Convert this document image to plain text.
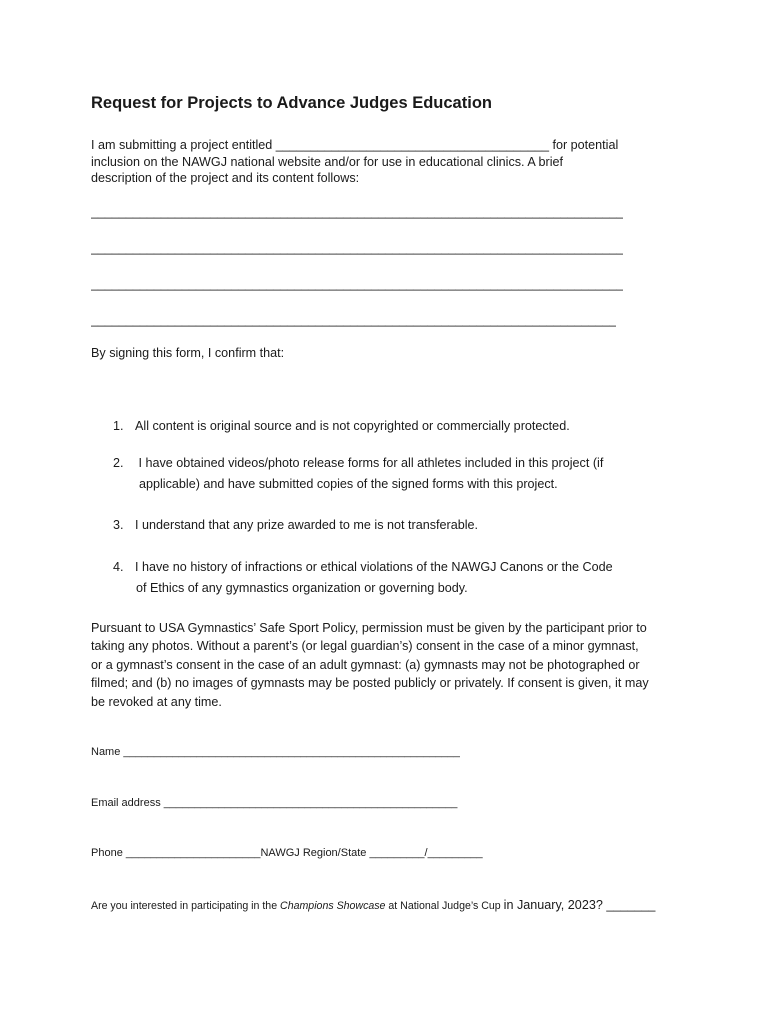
Request for Projects to Advance Judges Education

I am submitting a project entitled _______________________________________ for potential
inclusion on the NAWGJ national website and/or for use in educational clinics. A brief
description of the project and its content follows:

____________________________________________________________________________
____________________________________________________________________________
____________________________________________________________________________
___________________________________________________________________________

By signing this form, I confirm that:

1. All content is original source and is not copyrighted or commercially protected.
2. I have obtained videos/photo release forms for all athletes included in this project (if
applicable) and have submitted copies of the signed forms with this project.
3. I understand that any prize awarded to me is not transferable.
4. I have no history of infractions or ethical violations of the NAWGJ Canons or the Code
of Ethics of any gymnastics organization or governing body.

Pursuant to USA Gymnastics’ Safe Sport Policy, permission must be given by the participant prior to
taking any photos. Without a parent’s (or legal guardian’s) consent in the case of a minor gymnast,
or a gymnast’s consent in the case of an adult gymnast: (a) gymnasts may not be photographed or
filmed; and (b) no images of gymnasts may be posted publicly or privately. If consent is given, it may
be revoked at any time.

Name _______________________________________________________
Email address ________________________________________________
Phone ______________________NAWGJ Region/State _________/_________
Are you interested in participating in the Champions Showcase at National Judge’s Cup in January, 2023? _______
